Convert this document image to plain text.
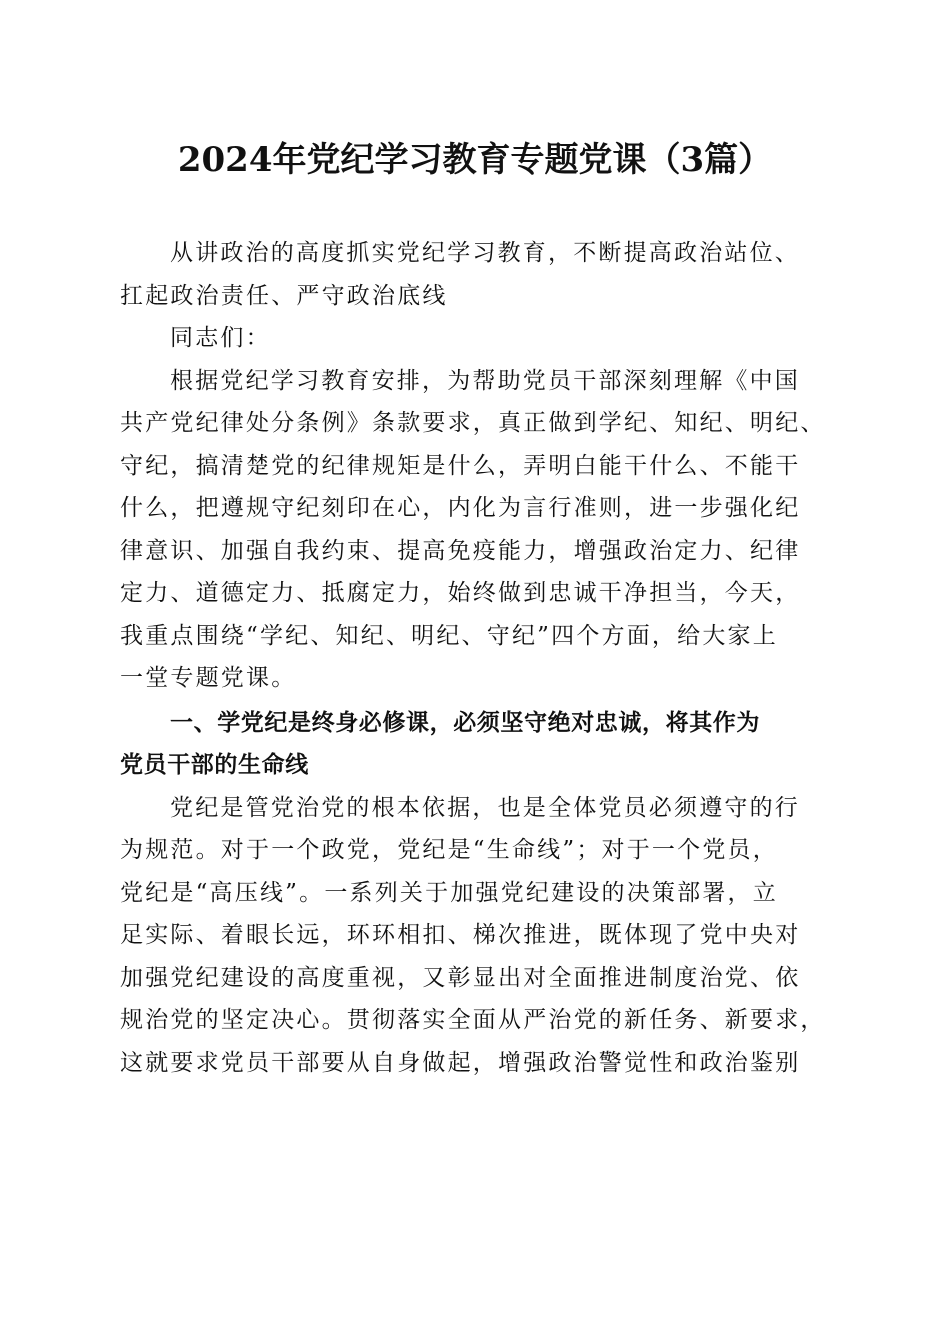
2024年党纪学习教育专题党课（3篇）
从讲政治的高度抓实党纪学习教育，不断提高政治站位、
扛起政治责任、严守政治底线
同志们：
根据党纪学习教育安排，为帮助党员干部深刻理解《中国
共产党纪律处分条例》条款要求，真正做到学纪、知纪、明纪、
守纪，搞清楚党的纪律规矩是什么，弄明白能干什么、不能干
什么，把遵规守纪刻印在心，内化为言行准则，进一步强化纪
律意识、加强自我约束、提高免疫能力，增强政治定力、纪律
定力、道德定力、抵腐定力，始终做到忠诚干净担当，今天，
我重点围绕“学纪、知纪、明纪、守纪”四个方面，给大家上
一堂专题党课。
一、学党纪是终身必修课，必须坚守绝对忠诚，将其作为
党员干部的生命线
党纪是管党治党的根本依据，也是全体党员必须遵守的行
为规范。对于一个政党，党纪是“生命线”；对于一个党员，
党纪是“高压线”。一系列关于加强党纪建设的决策部署，立
足实际、着眼长远，环环相扣、梯次推进，既体现了党中央对
加强党纪建设的高度重视，又彰显出对全面推进制度治党、依
规治党的坚定决心。贯彻落实全面从严治党的新任务、新要求，
这就要求党员干部要从自身做起，增强政治警觉性和政治鉴别
